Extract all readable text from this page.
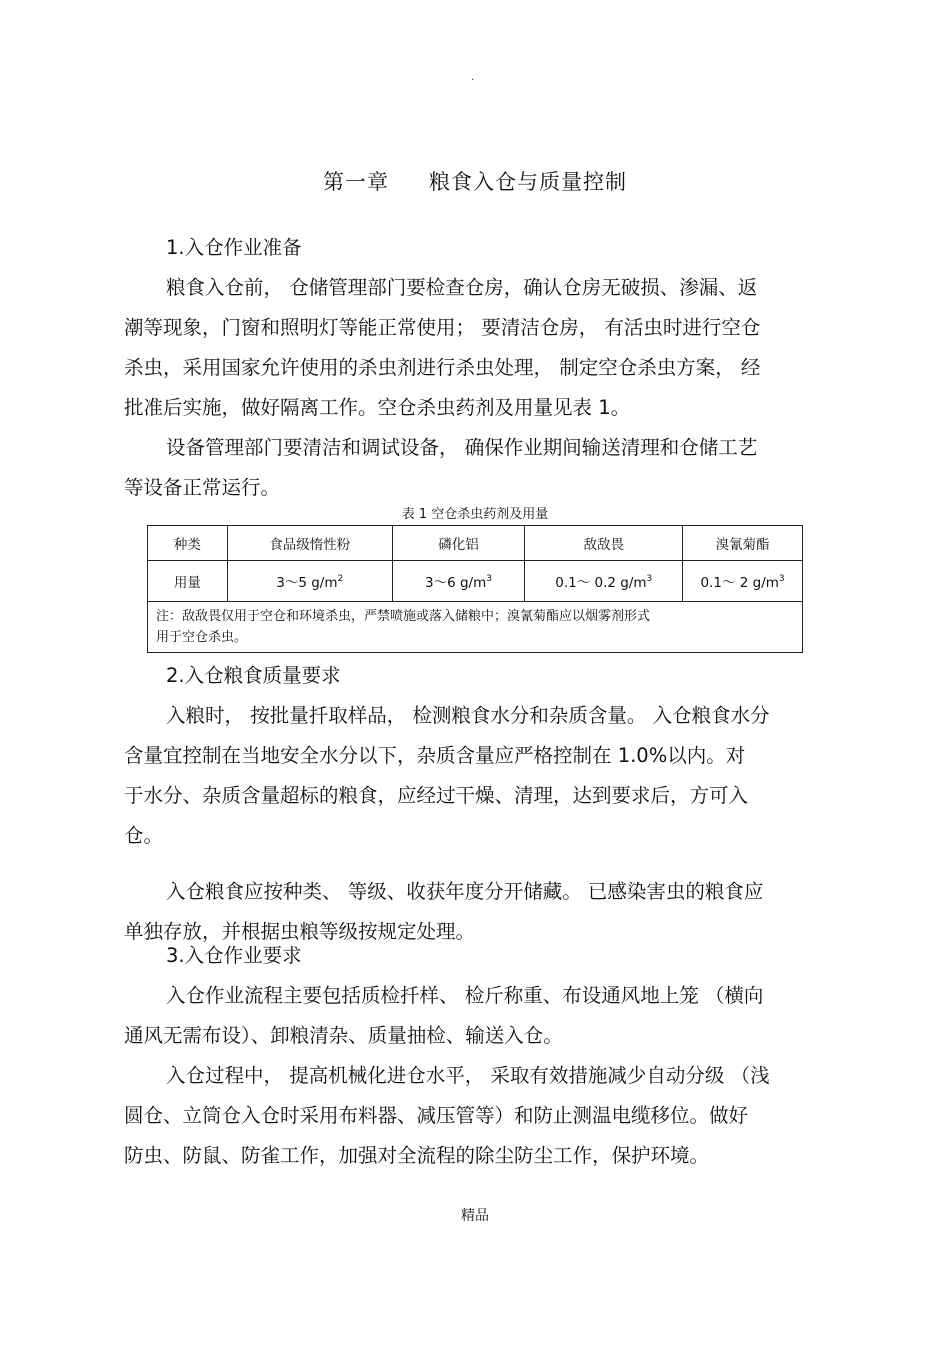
.
第一章 粮食入仓与质量控制
1.入仓作业准备
粮食入仓前， 仓储管理部门要检查仓房，确认仓房无破损、渗漏、返
潮等现象，门窗和照明灯等能正常使用； 要清洁仓房， 有活虫时进行空仓
杀虫，采用国家允许使用的杀虫剂进行杀虫处理， 制定空仓杀虫方案， 经
批准后实施，做好隔离工作。空仓杀虫药剂及用量见表 1。
设备管理部门要清洁和调试设备， 确保作业期间输送清理和仓储工艺
等设备正常运行。
表 1 空仓杀虫药剂及用量
种类	食品级惰性粉	磷化铝	敌敌畏	溴氰菊酯
用量	3～5 $g/m^2$	3～6 $g/m^3$	0.1～ 0.2 $g/m^3$	0.1～ 2 $g/m^3$

注：敌敌畏仅用于空仓和环境杀虫，严禁喷施或落入储粮中；溴氰菊酯应以烟雾剂形式
用于空仓杀虫。				
2.入仓粮食质量要求
入粮时， 按批量扦取样品， 检测粮食水分和杂质含量。 入仓粮食水分
含量宜控制在当地安全水分以下，杂质含量应严格控制在 1.0%以内。对
于水分、杂质含量超标的粮食，应经过干燥、清理，达到要求后，方可入
仓。
入仓粮食应按种类、 等级、收获年度分开储藏。 已感染害虫的粮食应
单独存放，并根据虫粮等级按规定处理。
3.入仓作业要求
入仓作业流程主要包括质检扦样、 检斤称重、布设通风地上笼 （横向
通风无需布设）、卸粮清杂、质量抽检、输送入仓。
入仓过程中， 提高机械化进仓水平， 采取有效措施减少自动分级 （浅
圆仓、立筒仓入仓时采用布料器、减压管等）和防止测温电缆移位。做好
防虫、防鼠、防雀工作，加强对全流程的除尘防尘工作，保护环境。
精品
